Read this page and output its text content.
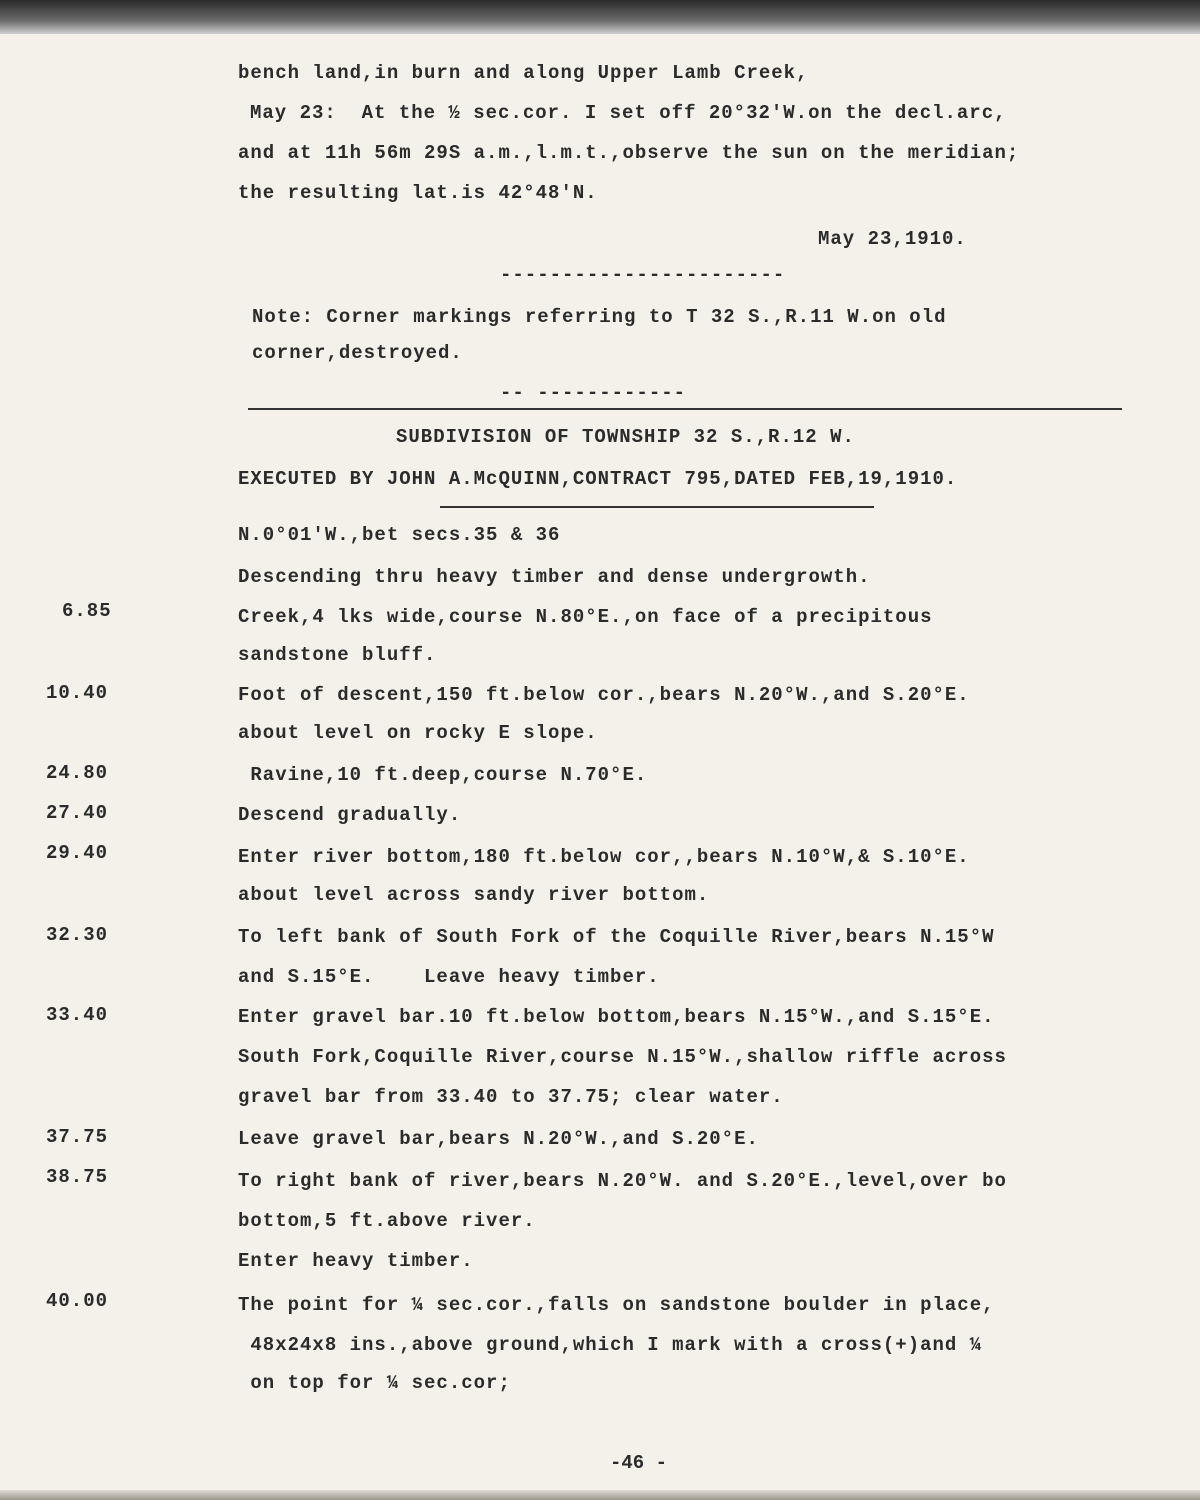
bench land,in burn and along Upper Lamb Creek,
May 23:  At the ½ sec.cor. I set off 20°32'W.on the decl.arc,
and at 11h 56m 29S a.m.,l.m.t.,observe the sun on the meridian;
the resulting lat.is 42°48'N.
May 23,1910.
-----------------------
Note: Corner markings referring to T 32 S.,R.11 W.on old
corner,destroyed.
-- ------------
SUBDIVISION OF TOWNSHIP 32 S.,R.12 W.
EXECUTED BY JOHN A.McQUINN,CONTRACT 795,DATED FEB,19,1910.
N.0°01'W.,bet secs.35 & 36
Descending thru heavy timber and dense undergrowth.
6.85	Creek,4 lks wide,course N.80°E.,on face of a precipitous
sandstone bluff.
10.40	Foot of descent,150 ft.below cor.,bears N.20°W.,and S.20°E.
about level on rocky E slope.
24.80	Ravine,10 ft.deep,course N.70°E.
27.40	Descend gradually.
29.40	Enter river bottom,180 ft.below cor,,bears N.10°W,& S.10°E.
about level across sandy river bottom.
32.30	To left bank of South Fork of the Coquille River,bears N.15°W
and S.15°E.    Leave heavy timber.
33.40	Enter gravel bar.10 ft.below bottom,bears N.15°W.,and S.15°E.
South Fork,Coquille River,course N.15°W.,shallow riffle across
gravel bar from 33.40 to 37.75; clear water.
37.75	Leave gravel bar,bears N.20°W.,and S.20°E.
38.75	To right bank of river,bears N.20°W. and S.20°E.,level,over bo
bottom,5 ft.above river.
Enter heavy timber.
40.00	The point for ¼ sec.cor.,falls on sandstone boulder in place,
48x24x8 ins.,above ground,which I mark with a cross(+)and ¼
on top for ¼ sec.cor;
-46 -
